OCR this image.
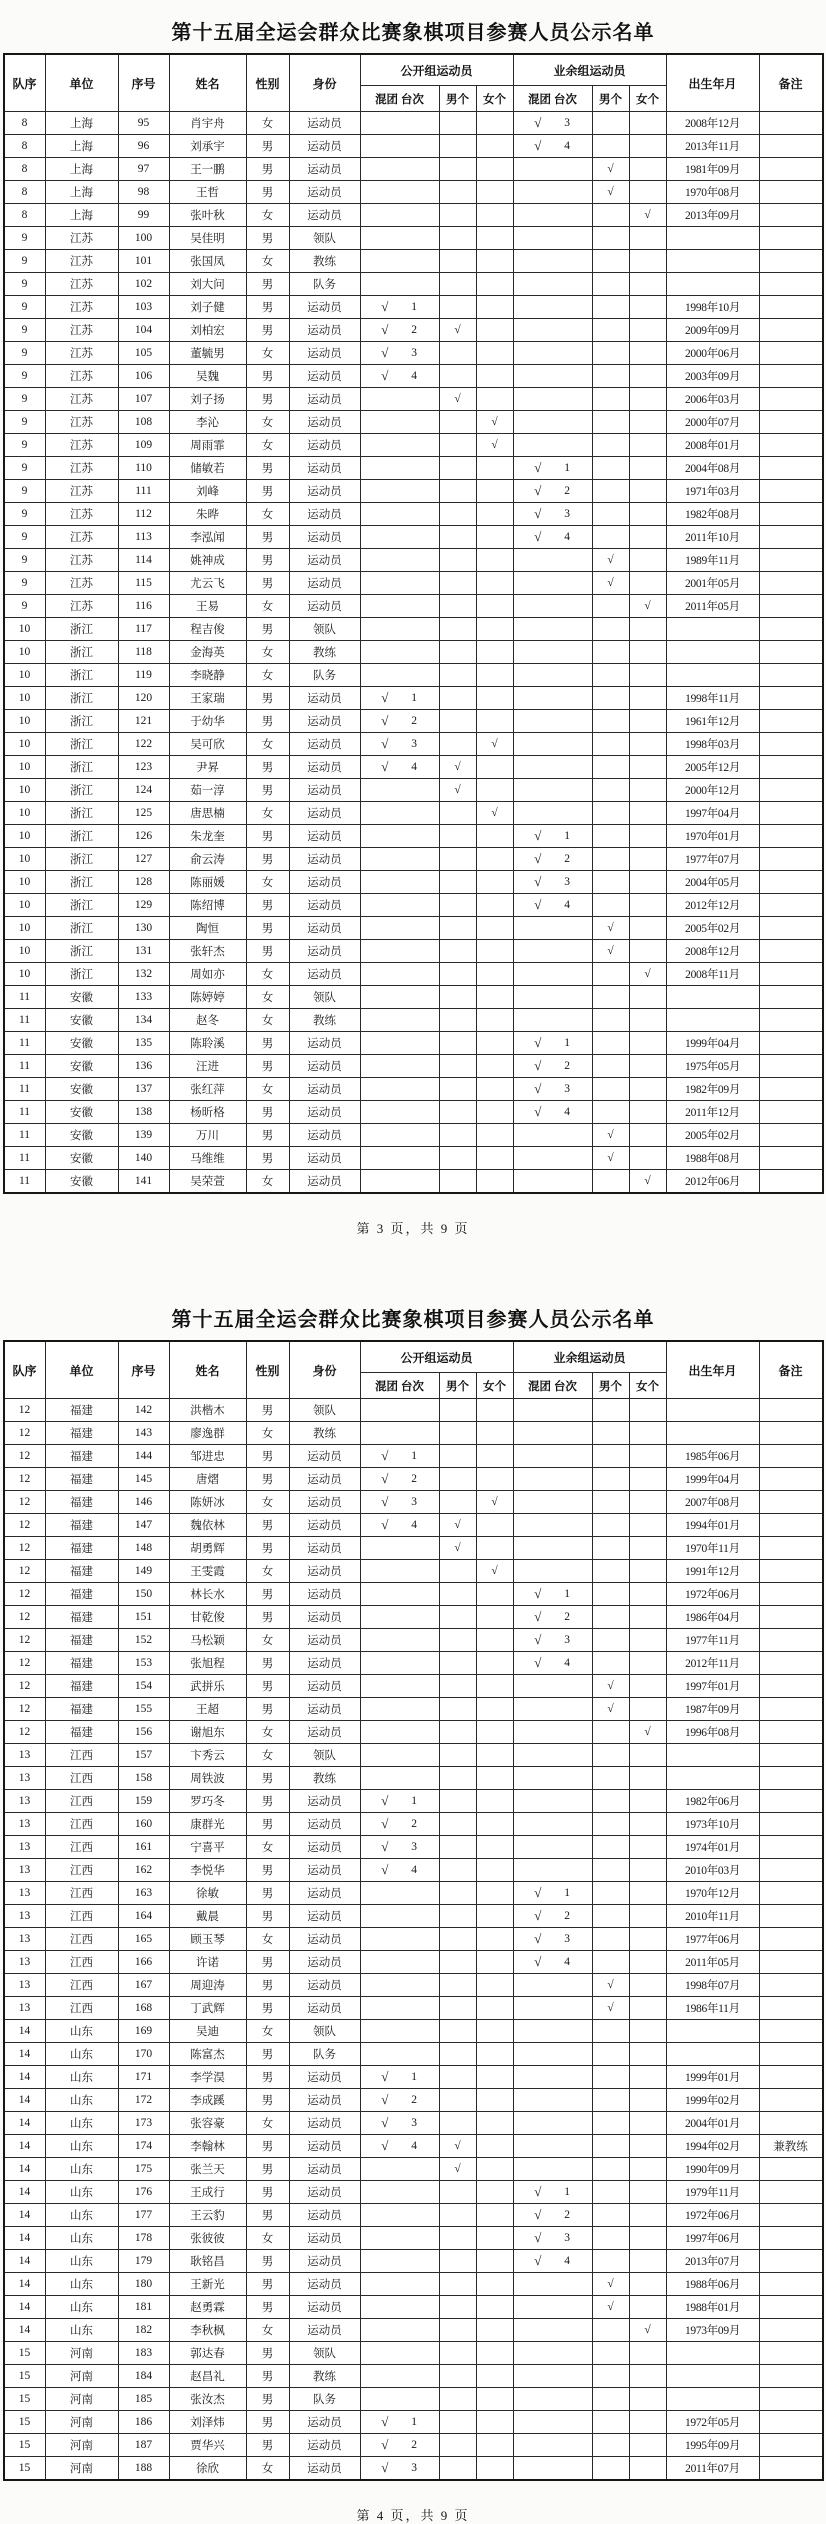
第十五届全运会群众比赛象棋项目参赛人员公示名单
队序	单位	序号	姓名	性别	身份	公开组运动员			业余组运动员			出生年月	备注
						混团 台次	男个	女个	混团 台次	男个	女个		
8	上海	95	肖宇舟	女	运动员				√ 3			2008年12月	
8	上海	96	刘承宇	男	运动员				√ 4			2013年11月	
8	上海	97	王一鹏	男	运动员					√		1981年09月	
8	上海	98	王哲	男	运动员					√		1970年08月	
8	上海	99	张叶秋	女	运动员						√	2013年09月	
9	江苏	100	吴佳明	男	领队	

9	江苏	101	张国凤	女	教练	

9	江苏	102	刘大问	男	队务	

9	江苏	103	刘子健	男	运动员	√ 1						1998年10月	
9	江苏	104	刘柏宏	男	运动员	√ 2	√					2009年09月	
9	江苏	105	董毓男	女	运动员	√ 3						2000年06月	
9	江苏	106	吴魏	男	运动员	√ 4						2003年09月	
9	江苏	107	刘子扬	男	运动员		√					2006年03月	
9	江苏	108	李沁	女	运动员			√				2000年07月	
9	江苏	109	周雨霏	女	运动员			√				2008年01月	
9	江苏	110	储敏若	男	运动员				√ 1			2004年08月	
9	江苏	111	刘峰	男	运动员				√ 2			1971年03月	
9	江苏	112	朱晔	女	运动员				√ 3			1982年08月	
9	江苏	113	李泓闻	男	运动员				√ 4			2011年10月	
9	江苏	114	姚神成	男	运动员					√		1989年11月	
9	江苏	115	尤云飞	男	运动员					√		2001年05月	
9	江苏	116	王易	女	运动员						√	2011年05月	
10	浙江	117	程吉俊	男	领队	

10	浙江	118	金海英	女	教练	

10	浙江	119	李晓静	女	队务	

10	浙江	120	王家瑞	男	运动员	√ 1						1998年11月	
10	浙江	121	于幼华	男	运动员	√ 2						1961年12月	
10	浙江	122	吴可欣	女	运动员	√ 3		√				1998年03月	
10	浙江	123	尹昇	男	运动员	√ 4	√					2005年12月	
10	浙江	124	茹一淳	男	运动员		√					2000年12月	
10	浙江	125	唐思楠	女	运动员			√				1997年04月	
10	浙江	126	朱龙奎	男	运动员				√ 1			1970年01月	
10	浙江	127	俞云涛	男	运动员				√ 2			1977年07月	
10	浙江	128	陈丽媛	女	运动员				√ 3			2004年05月	
10	浙江	129	陈绍博	男	运动员				√ 4			2012年12月	
10	浙江	130	陶恒	男	运动员					√		2005年02月	
10	浙江	131	张轩杰	男	运动员					√		2008年12月	
10	浙江	132	周如亦	女	运动员						√	2008年11月	
11	安徽	133	陈婷婷	女	领队	

11	安徽	134	赵冬	女	教练	

11	安徽	135	陈聆溪	男	运动员				√ 1			1999年04月	
11	安徽	136	汪进	男	运动员				√ 2			1975年05月	
11	安徽	137	张红萍	女	运动员				√ 3			1982年09月	
11	安徽	138	杨昕格	男	运动员				√ 4			2011年12月	
11	安徽	139	万川	男	运动员					√		2005年02月	
11	安徽	140	马维维	男	运动员					√		1988年08月	
11	安徽	141	吴荣萱	女	运动员						√	2012年06月	
第 3 页，共 9 页
第十五届全运会群众比赛象棋项目参赛人员公示名单
队序	单位	序号	姓名	性别	身份	公开组运动员			业余组运动员			出生年月	备注
						混团 台次	男个	女个	混团 台次	男个	女个		
12	福建	142	洪楷木	男	领队	

12	福建	143	廖逸群	女	教练	

12	福建	144	邹进忠	男	运动员	√ 1						1985年06月	
12	福建	145	唐熠	男	运动员	√ 2						1999年04月	
12	福建	146	陈妍冰	女	运动员	√ 3		√				2007年08月	
12	福建	147	魏依林	男	运动员	√ 4	√					1994年01月	
12	福建	148	胡勇辉	男	运动员		√					1970年11月	
12	福建	149	王雯霞	女	运动员			√				1991年12月	
12	福建	150	林长水	男	运动员				√ 1			1972年06月	
12	福建	151	甘乾俊	男	运动员				√ 2			1986年04月	
12	福建	152	马松颖	女	运动员				√ 3			1977年11月	
12	福建	153	张旭程	男	运动员				√ 4			2012年11月	
12	福建	154	武拼乐	男	运动员					√		1997年01月	
12	福建	155	王超	男	运动员					√		1987年09月	
12	福建	156	谢旭东	女	运动员						√	1996年08月	
13	江西	157	卞秀云	女	领队	

13	江西	158	周铁波	男	教练	

13	江西	159	罗巧冬	男	运动员	√ 1						1982年06月	
13	江西	160	康群光	男	运动员	√ 2						1973年10月	
13	江西	161	宁喜平	女	运动员	√ 3						1974年01月	
13	江西	162	李悦华	男	运动员	√ 4						2010年03月	
13	江西	163	徐敏	男	运动员				√ 1			1970年12月	
13	江西	164	戴晨	男	运动员				√ 2			2010年11月	
13	江西	165	顾玉琴	女	运动员				√ 3			1977年06月	
13	江西	166	许诺	男	运动员				√ 4			2011年05月	
13	江西	167	周迎涛	男	运动员					√		1998年07月	
13	江西	168	丁武辉	男	运动员					√		1986年11月	
14	山东	169	吴迪	女	领队	

14	山东	170	陈富杰	男	队务	

14	山东	171	李学淏	男	运动员	√ 1						1999年01月	
14	山东	172	李成蹊	男	运动员	√ 2						1999年02月	
14	山东	173	张容豪	女	运动员	√ 3						2004年01月	
14	山东	174	李翰林	男	运动员	√ 4	√					1994年02月	兼教练
14	山东	175	张兰天	男	运动员		√					1990年09月	
14	山东	176	王成行	男	运动员				√ 1			1979年11月	
14	山东	177	王云豹	男	运动员				√ 2			1972年06月	
14	山东	178	张彼彼	女	运动员				√ 3			1997年06月	
14	山东	179	耿铭昌	男	运动员				√ 4			2013年07月	
14	山东	180	王新光	男	运动员					√		1988年06月	
14	山东	181	赵勇霖	男	运动员					√		1988年01月	
14	山东	182	李秋枫	女	运动员						√	1973年09月	
15	河南	183	郭达春	男	领队	

15	河南	184	赵昌礼	男	教练	

15	河南	185	张汝杰	男	队务	

15	河南	186	刘泽炜	男	运动员	√ 1						1972年05月	
15	河南	187	贾华兴	男	运动员	√ 2						1995年09月	
15	河南	188	徐欣	女	运动员	√ 3						2011年07月	
第 4 页，共 9 页
